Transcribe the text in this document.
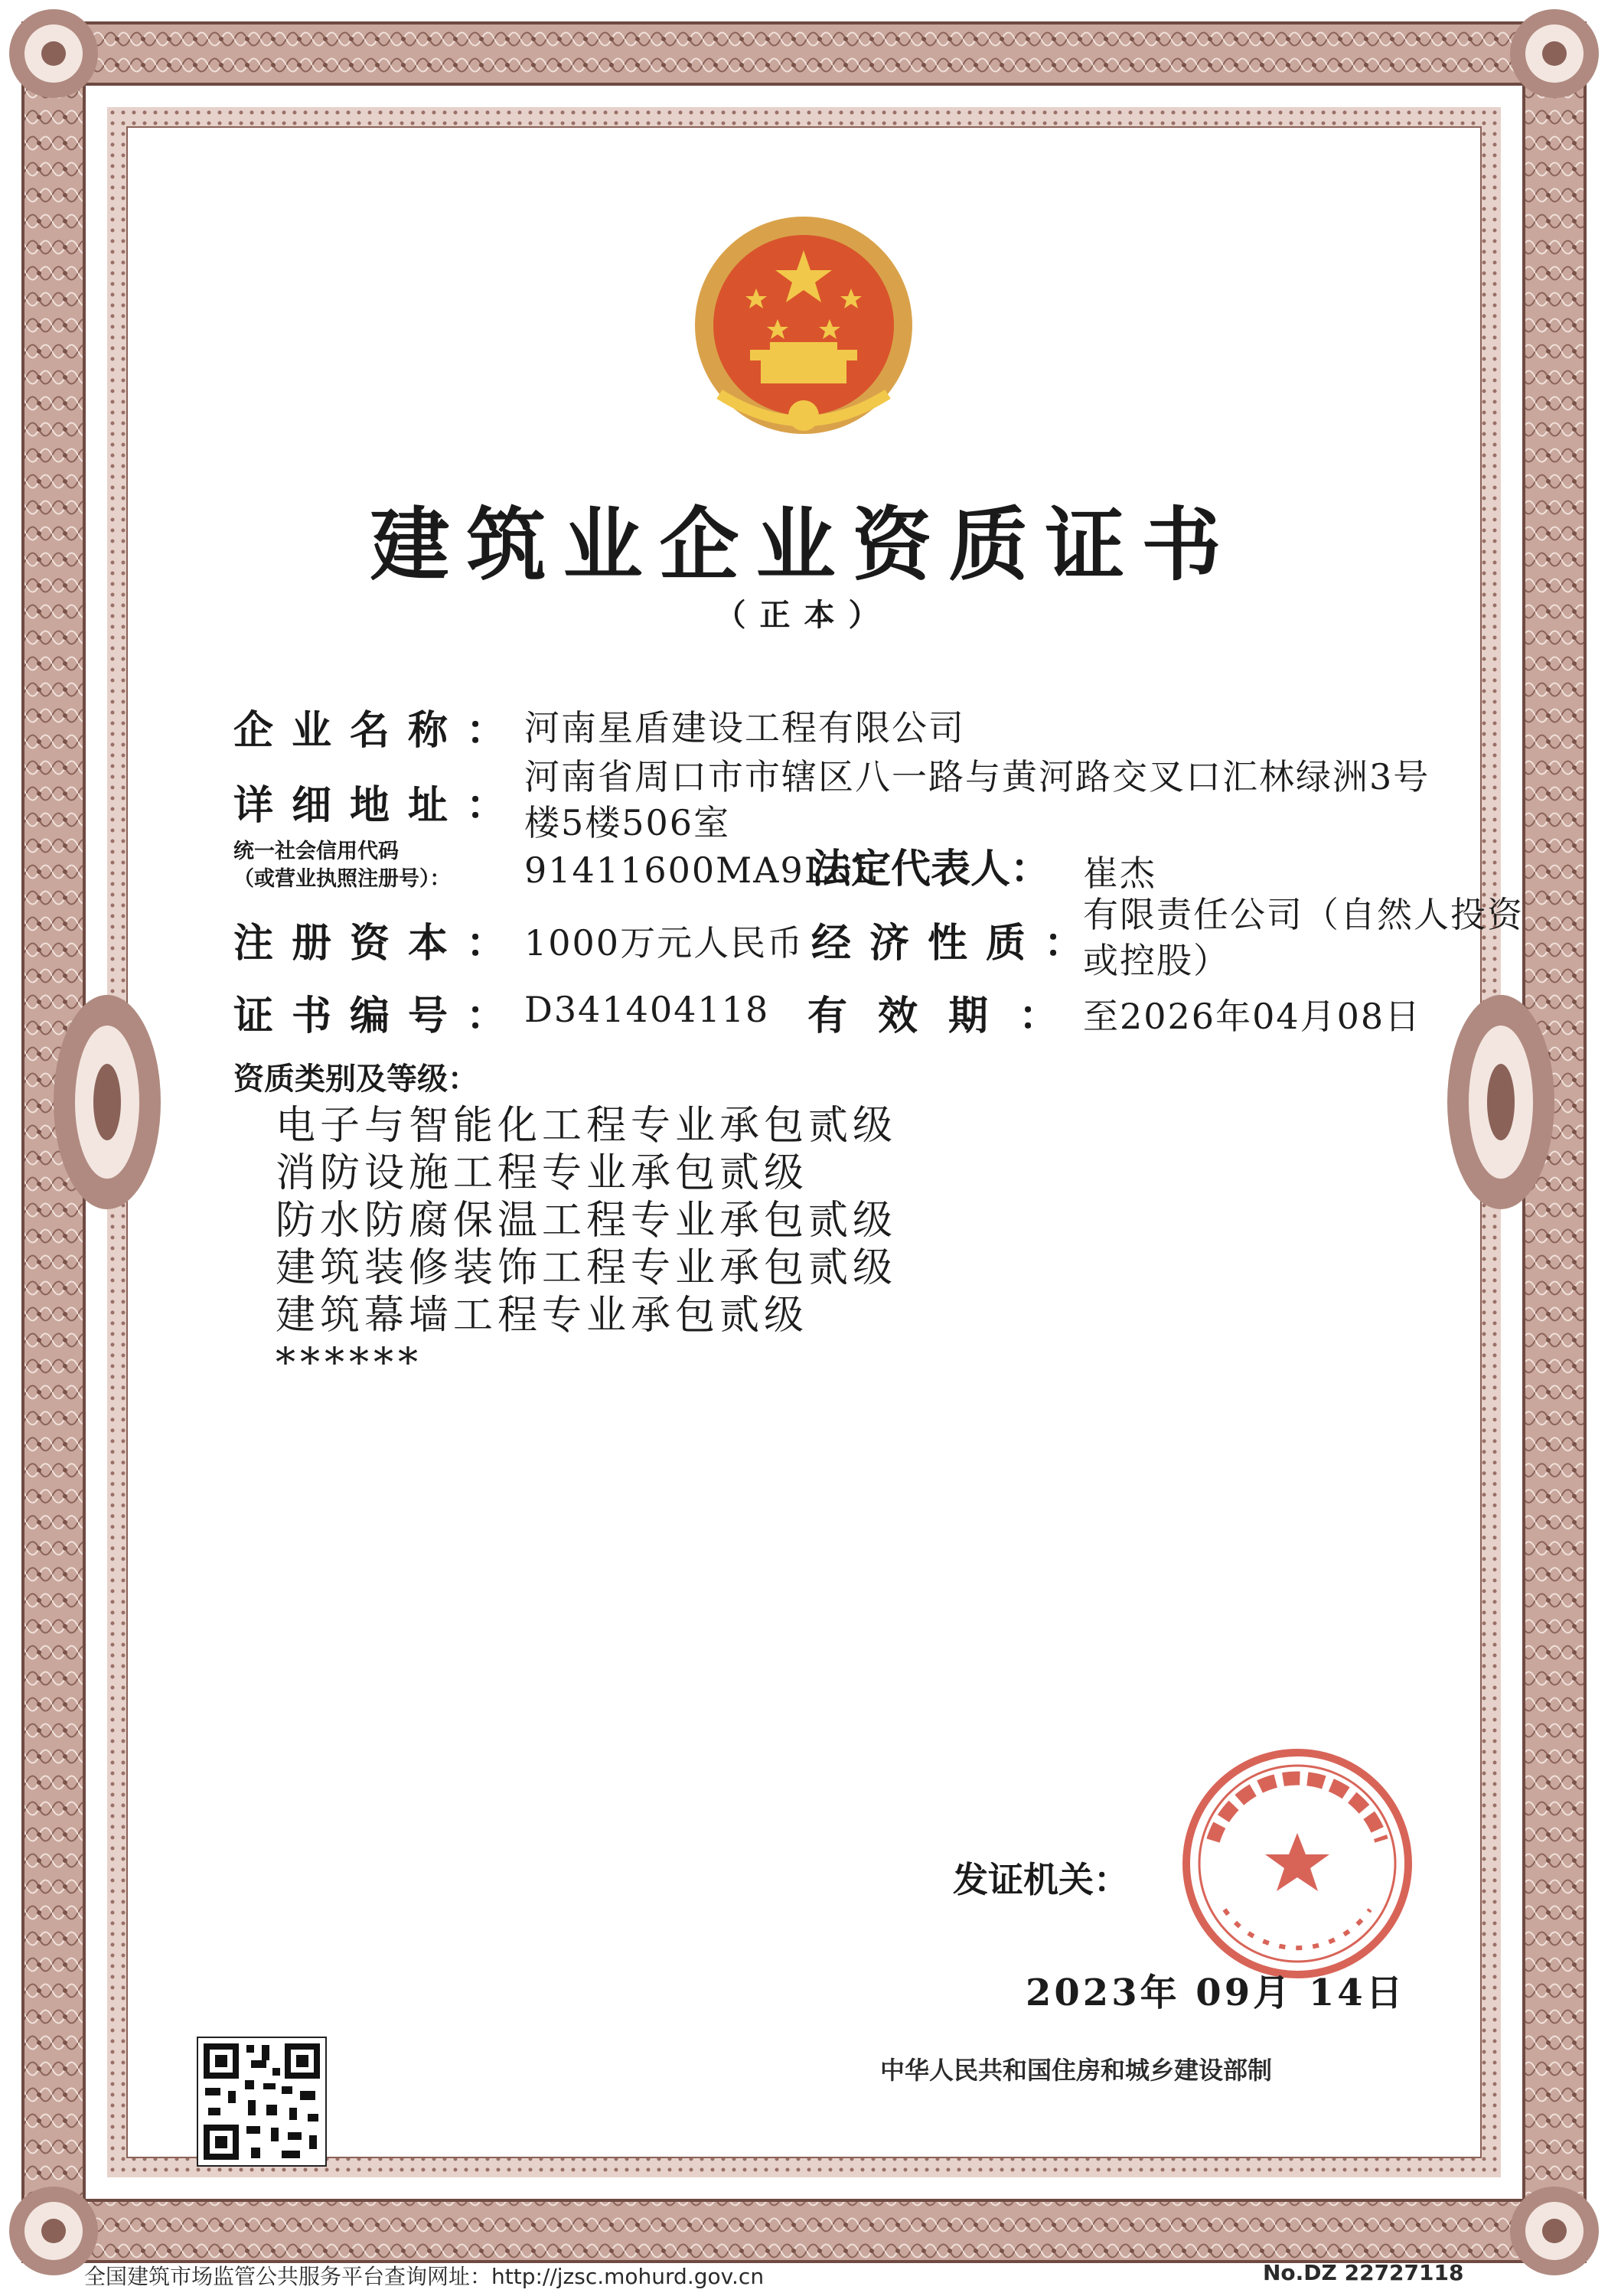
建筑业企业资质证书
（正本）
企业名称： 河南星盾建设工程有限公司
详细地址：
河南省周口市市辖区八一路与黄河路交叉口汇林绿洲3号
楼5楼506室
统一社会信用代码
（或营业执照注册号）： 91411600MA9L6L
法定代表人： 崔杰
注册资本： 1000万元人民币 经济性质：
有限责任公司（自然人投资
或控股）
证书编号： D341404118 有效期：
至2026年04月08日
资质类别及等级：
电子与智能化工程专业承包贰级
消防设施工程专业承包贰级
防水防腐保温工程专业承包贰级
建筑装修装饰工程专业承包贰级
建筑幕墙工程专业承包贰级
******
发证机关：
2023年 09月 14日
中华人民共和国住房和城乡建设部制
全国建筑市场监管公共服务平台查询网址：http://jzsc.mohurd.gov.cn	No.DZ 22727118
